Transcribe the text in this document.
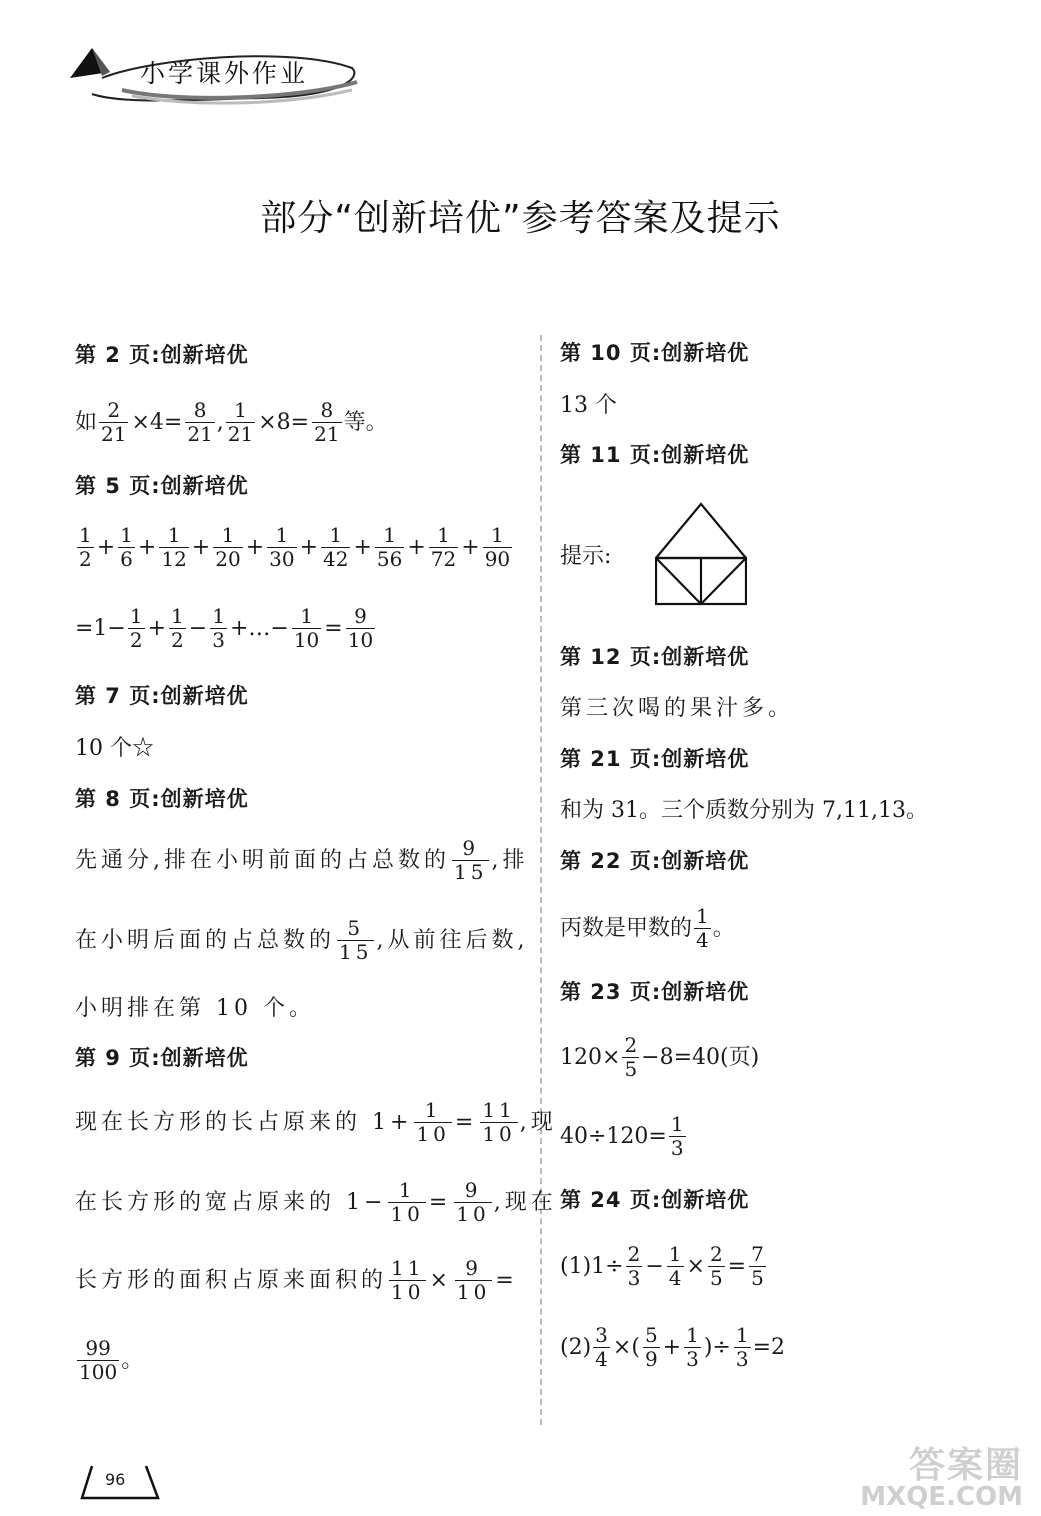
小学课外作业
部分“创新培优”参考答案及提示
第 2 页:创新培优
如 $\frac{2}{21} \times 4= \frac{8}{21}$ , $\frac{1}{21} \times 8= \frac{8}{21}$ 等。
第 5 页:创新培优
$\frac{1}{2} + \frac{1}{6} + \frac{1}{12} + \frac{1}{20} + \frac{1}{30} + \frac{1}{42} + \frac{1}{56} + \frac{1}{72} + \frac{1}{90}$
$=1- \frac{1}{2} + \frac{1}{2} - \frac{1}{3}$ +…− $\frac{1}{10} = \frac{9}{10}$
第 7 页:创新培优
10 个☆
第 8 页:创新培优
先通分,排在小明前面的占总数的 $\frac{9}{15}$ ,排
在小明后面的占总数的 $\frac{5}{15}$ ,从前往后数,
小明排在第 10 个。
第 9 页:创新培优
现在长方形的长占原来的 $1+ \frac{1}{10} = \frac{11}{10}$ ,现
在长方形的宽占原来的 $1- \frac{1}{10} = \frac{9}{10}$ ,现在
长方形的面积占原来面积的 $\frac{11}{10} \times \frac{9}{10}$ =
$\frac{99}{100}$ 。
第 10 页:创新培优
13 个
第 11 页:创新培优
提示:
第 12 页:创新培优
第三次喝的果汁多。
第 21 页:创新培优
和为 31。三个质数分别为 7,11,13。
第 22 页:创新培优
丙数是甲数的 $\frac{1}{4}$ 。
第 23 页:创新培优
$120\times \frac{2}{5} -8=40$(页)
$40\div 120= \frac{1}{3}$
第 24 页:创新培优
$(1)1\div \frac{2}{3} - \frac{1}{4} \times \frac{2}{5} = \frac{7}{5}$
$(2) \frac{3}{4}$ ×( $\frac{5}{9} + \frac{1}{3}$ )÷ $\frac{1}{3} =2$
96	答案圈
MXQE.COM
